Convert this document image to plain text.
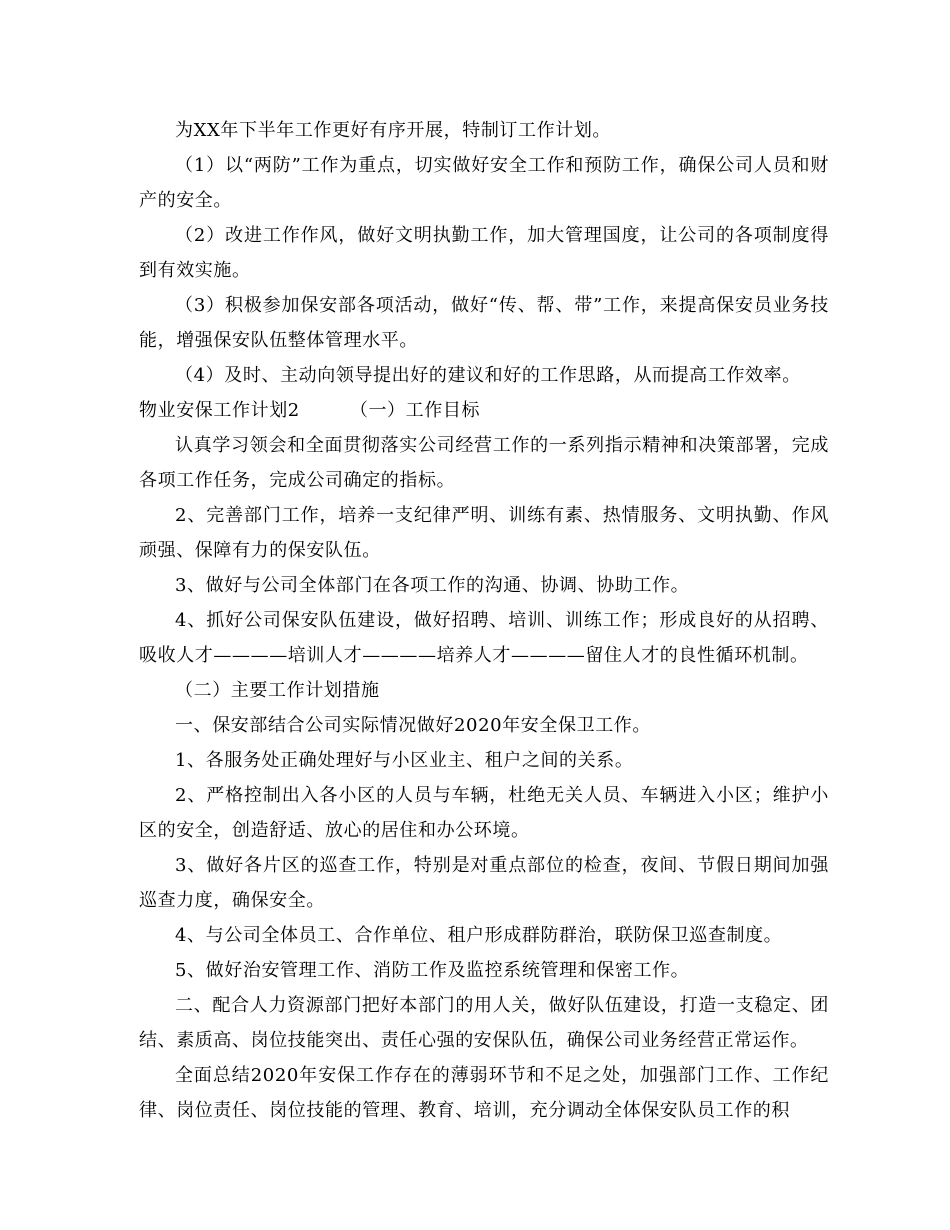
为XX年下半年工作更好有序开展，特制订工作计划。

（1）以“两防”工作为重点，切实做好安全工作和预防工作，确保公司人员和财产的安全。

（2）改进工作作风，做好文明执勤工作，加大管理国度，让公司的各项制度得到有效实施。

（3）积极参加保安部各项活动，做好“传、帮、带”工作，来提高保安员业务技能，增强保安队伍整体管理水平。

（4）及时、主动向领导提出好的建议和好的工作思路，从而提高工作效率。

物业安保工作计划2	（一）工作目标

认真学习领会和全面贯彻落实公司经营工作的一系列指示精神和决策部署，完成各项工作任务，完成公司确定的指标。

2、完善部门工作，培养一支纪律严明、训练有素、热情服务、文明执勤、作风顽强、保障有力的保安队伍。

3、做好与公司全体部门在各项工作的沟通、协调、协助工作。

4、抓好公司保安队伍建设，做好招聘、培训、训练工作；形成良好的从招聘、吸收人才————培训人才————培养人才————留住人才的良性循环机制。

（二）主要工作计划措施

一、保安部结合公司实际情况做好2020年安全保卫工作。

1、各服务处正确处理好与小区业主、租户之间的关系。

2、严格控制出入各小区的人员与车辆，杜绝无关人员、车辆进入小区；维护小区的安全，创造舒适、放心的居住和办公环境。

3、做好各片区的巡查工作，特别是对重点部位的检查，夜间、节假日期间加强巡查力度，确保安全。

4、与公司全体员工、合作单位、租户形成群防群治，联防保卫巡查制度。

5、做好治安管理工作、消防工作及监控系统管理和保密工作。

二、配合人力资源部门把好本部门的用人关，做好队伍建设，打造一支稳定、团结、素质高、岗位技能突出、责任心强的安保队伍，确保公司业务经营正常运作。

全面总结2020年安保工作存在的薄弱环节和不足之处，加强部门工作、工作纪律、岗位责任、岗位技能的管理、教育、培训，充分调动全体保安队员工作的积
